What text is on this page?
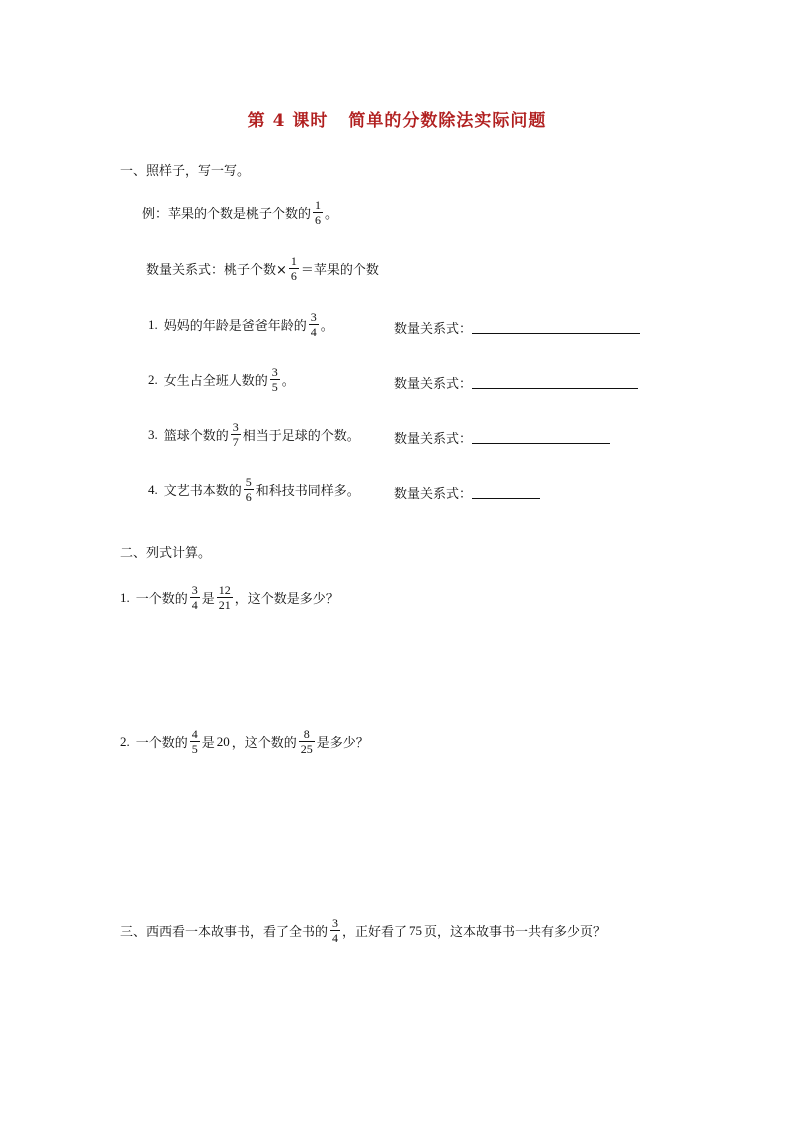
第 4 课时 简单的分数除法实际问题
一、照样子，写一写。
例：苹果的个数是桃子个数的 $\frac{1}{6}$ 。
数量关系式：桃子个数× $\frac{1}{6}$ ＝苹果的个数
1. 妈妈的年龄是爸爸年龄的 $\frac{3}{4}$ 。	数量关系式：
2. 女生占全班人数的 $\frac{3}{5}$ 。	数量关系式：
3. 篮球个数的 $\frac{3}{7}$ 相当于足球的个数。	数量关系式：
4. 文艺书本数的 $\frac{5}{6}$ 和科技书同样多。	数量关系式：
二、列式计算。
1. 一个数的 $\frac{3}{4}$ 是 $\frac{12}{21}$ ，这个数是多少？
2. 一个数的 $\frac{4}{5}$ 是 20 ，这个数的 $\frac{8}{25}$ 是多少？
三、西西看一本故事书，看了全书的 $\frac{3}{4}$ ，正好看了 75 页，这本故事书一共有多少页？
